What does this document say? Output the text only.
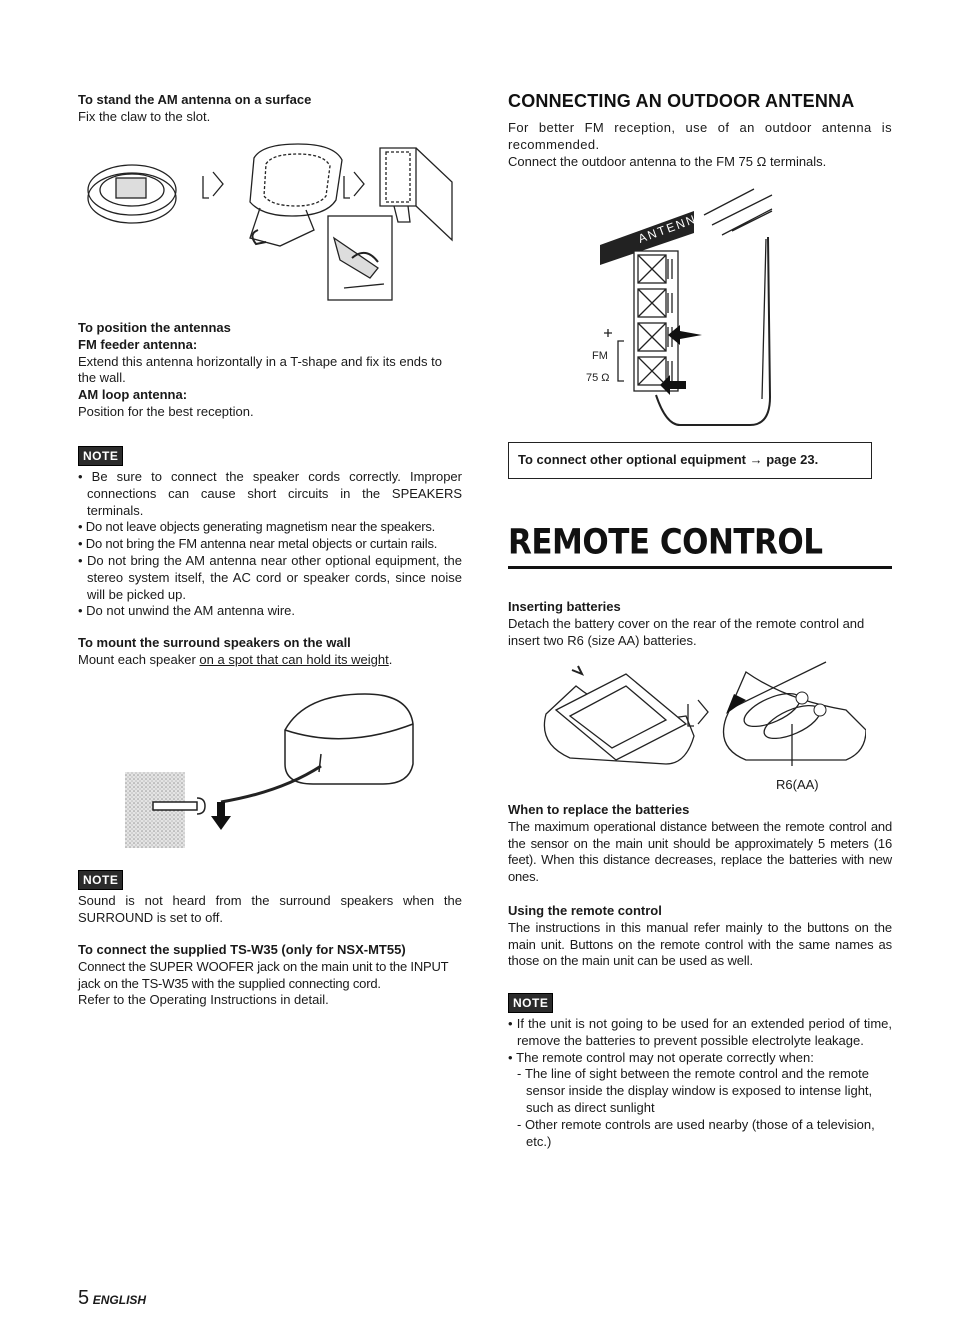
To stand the AM antenna on a surface

Fix the claw to the slot.

To position the antennas
FM feeder antenna:

Extend this antenna horizontally in a T-shape and fix its ends to the wall.

AM loop antenna:

Position for the best reception.

NOTE
• Be sure to connect the speaker cords correctly. Improper connections can cause short circuits in the SPEAKERS terminals.
• Do not leave objects generating magnetism near the speakers.
• Do not bring the FM antenna near metal objects or curtain rails.
• Do not bring the AM antenna near other optional equipment, the stereo system itself, the AC cord or speaker cords, since noise will be picked up.
• Do not unwind the AM antenna wire.
To mount the surround speakers on the wall

Mount each speaker on a spot that can hold its weight.

NOTE

Sound is not heard from the surround speakers when the SURROUND is set to off.

To connect the supplied TS-W35 (only for NSX-MT55)

Connect the SUPER WOOFER jack on the main unit to the INPUT jack on the TS-W35 with the supplied connecting cord.

Refer to the Operating Instructions in detail.

CONNECTING AN OUTDOOR ANTENNA

For better FM reception, use of an outdoor antenna is recommended.

Connect the outdoor antenna to the FM 75 Ω terminals.

ANTENNA
FM
75 Ω
To connect other optional equipment → page 23.
REMOTE CONTROL
Inserting batteries

Detach the battery cover on the rear of the remote control and insert two R6 (size AA) batteries.

R6(AA)
When to replace the batteries

The maximum operational distance between the remote control and the sensor on the main unit should be approximately 5 meters (16 feet). When this distance decreases, replace the batteries with new ones.

Using the remote control

The instructions in this manual refer mainly to the buttons on the main unit. Buttons on the remote control with the same names as those on the main unit can be used as well.

NOTE
• If the unit is not going to be used for an extended period of time, remove the batteries to prevent possible electrolyte leakage.
• The remote control may not operate correctly when:
- The line of sight between the remote control and the remote sensor inside the display window is exposed to intense light, such as direct sunlight
- Other remote controls are used nearby (those of a television, etc.)
5 ENGLISH
